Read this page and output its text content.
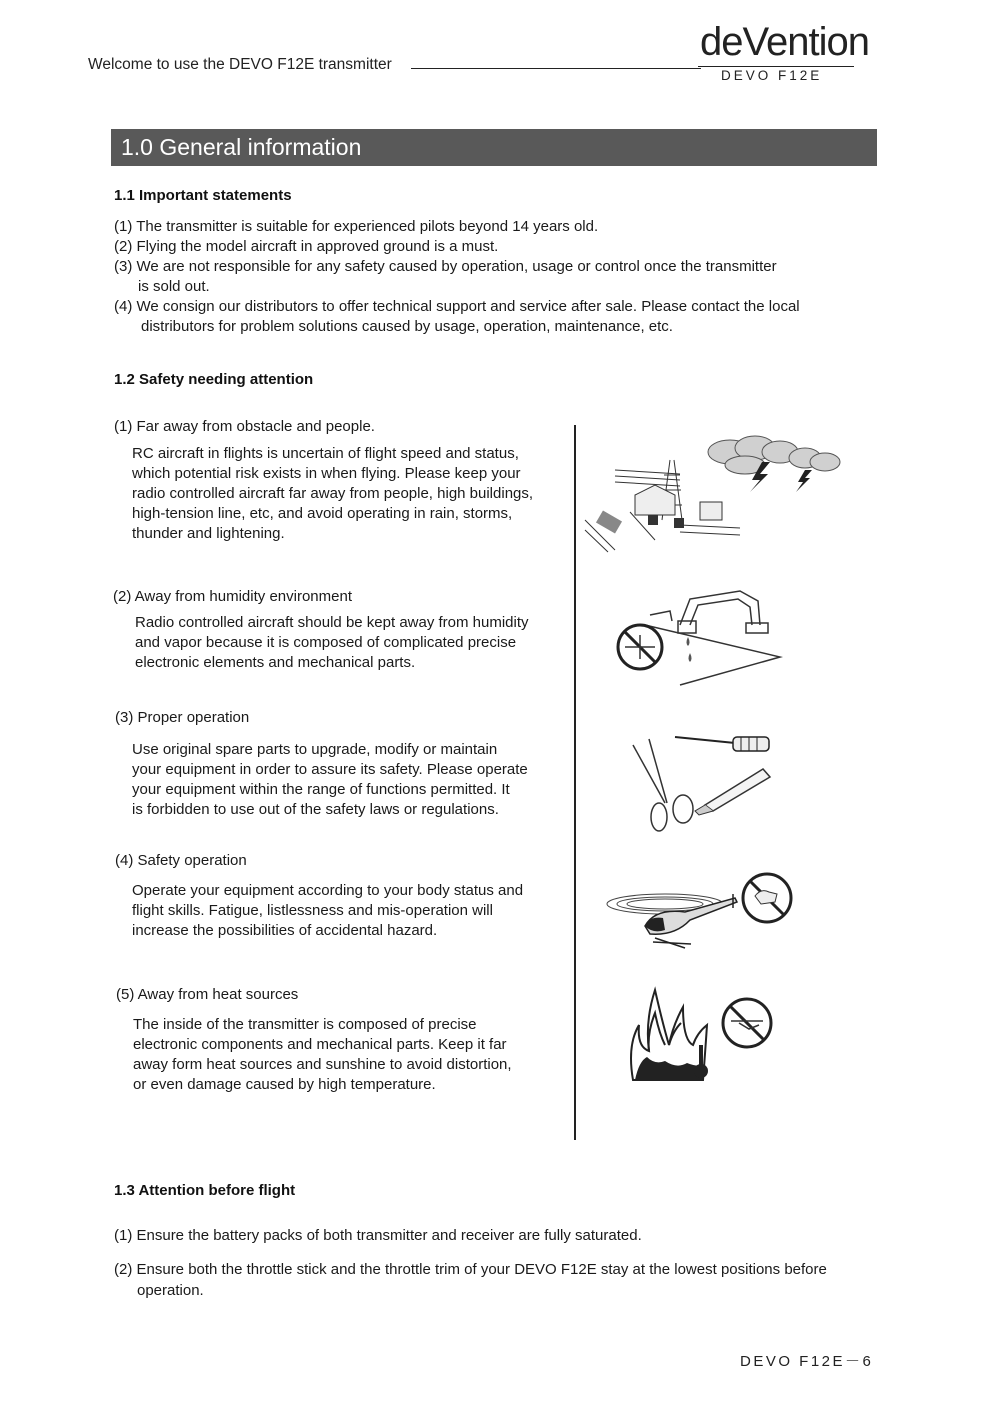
Welcome to use the DEVO F12E transmitter
deVention
DEVO F12E
1.0 General information
1.1 Important statements
(1) The transmitter is suitable for experienced pilots beyond 14 years old.
(2) Flying the model aircraft in approved ground is a must.
(3) We are not responsible for any safety caused by operation, usage or control once the transmitter
is sold out.
(4) We consign our distributors to offer technical support and service after sale. Please contact the local
distributors for problem solutions caused by usage, operation, maintenance, etc.
1.2 Safety needing attention
(1) Far away from obstacle and people.
RC aircraft in flights is uncertain of flight speed and status,
which potential risk exists in when flying. Please keep your
radio controlled aircraft far away from people, high buildings,
high-tension line, etc, and avoid operating in rain, storms,
thunder and lightening.
(2) Away from humidity environment
Radio controlled aircraft should be kept away from humidity
and vapor because it is composed of complicated precise
electronic elements and mechanical parts.
(3) Proper operation
Use original spare parts to upgrade, modify or maintain
your equipment in order to assure its safety. Please operate
your equipment within the range of functions permitted. It
is forbidden to use out of the safety laws or regulations.
(4) Safety operation
Operate your equipment according to your body status and
flight skills. Fatigue, listlessness and mis-operation will
increase the possibilities of accidental hazard.
(5) Away from heat sources
The inside of the transmitter is composed of precise
electronic components and mechanical parts. Keep it far
away form heat sources and sunshine to avoid distortion,
or even damage caused by high temperature.
1.3 Attention before flight
(1) Ensure the battery packs of both transmitter and receiver are fully saturated.
(2) Ensure both the throttle stick and the throttle trim of your DEVO F12E stay at the lowest positions before
operation.
DEVO F12E－6
